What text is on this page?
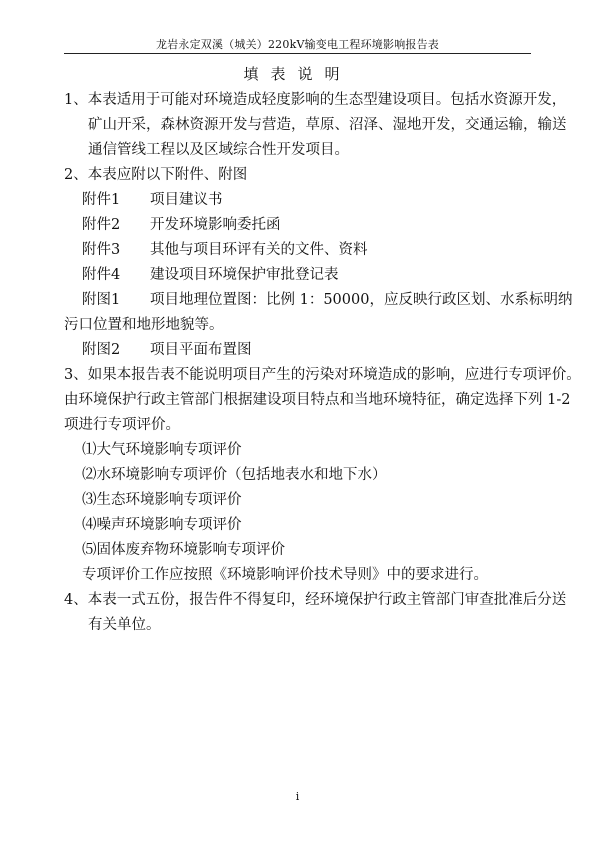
龙岩永定双溪（城关）220kV输变电工程环境影响报告表
填表说明
1、本表适用于可能对环境造成轻度影响的生态型建设项目。包括水资源开发，
矿山开采，森林资源开发与营造，草原、沼泽、湿地开发，交通运输，输送
通信管线工程以及区域综合性开发项目。
2、本表应附以下附件、附图
附件1 项目建议书
附件2 开发环境影响委托函
附件3 其他与项目环评有关的文件、资料
附件4 建设项目环境保护审批登记表
附图1 项目地理位置图：比例 1：50000，应反映行政区划、水系标明纳
污口位置和地形地貌等。
附图2 项目平面布置图
3、如果本报告表不能说明项目产生的污染对环境造成的影响，应进行专项评价。
由环境保护行政主管部门根据建设项目特点和当地环境特征，确定选择下列 1-2
项进行专项评价。
⑴大气环境影响专项评价
⑵水环境影响专项评价（包括地表水和地下水）
⑶生态环境影响专项评价
⑷噪声环境影响专项评价
⑸固体废弃物环境影响专项评价
专项评价工作应按照《环境影响评价技术导则》中的要求进行。
4、本表一式五份，报告件不得复印，经环境保护行政主管部门审查批准后分送
有关单位。
i
